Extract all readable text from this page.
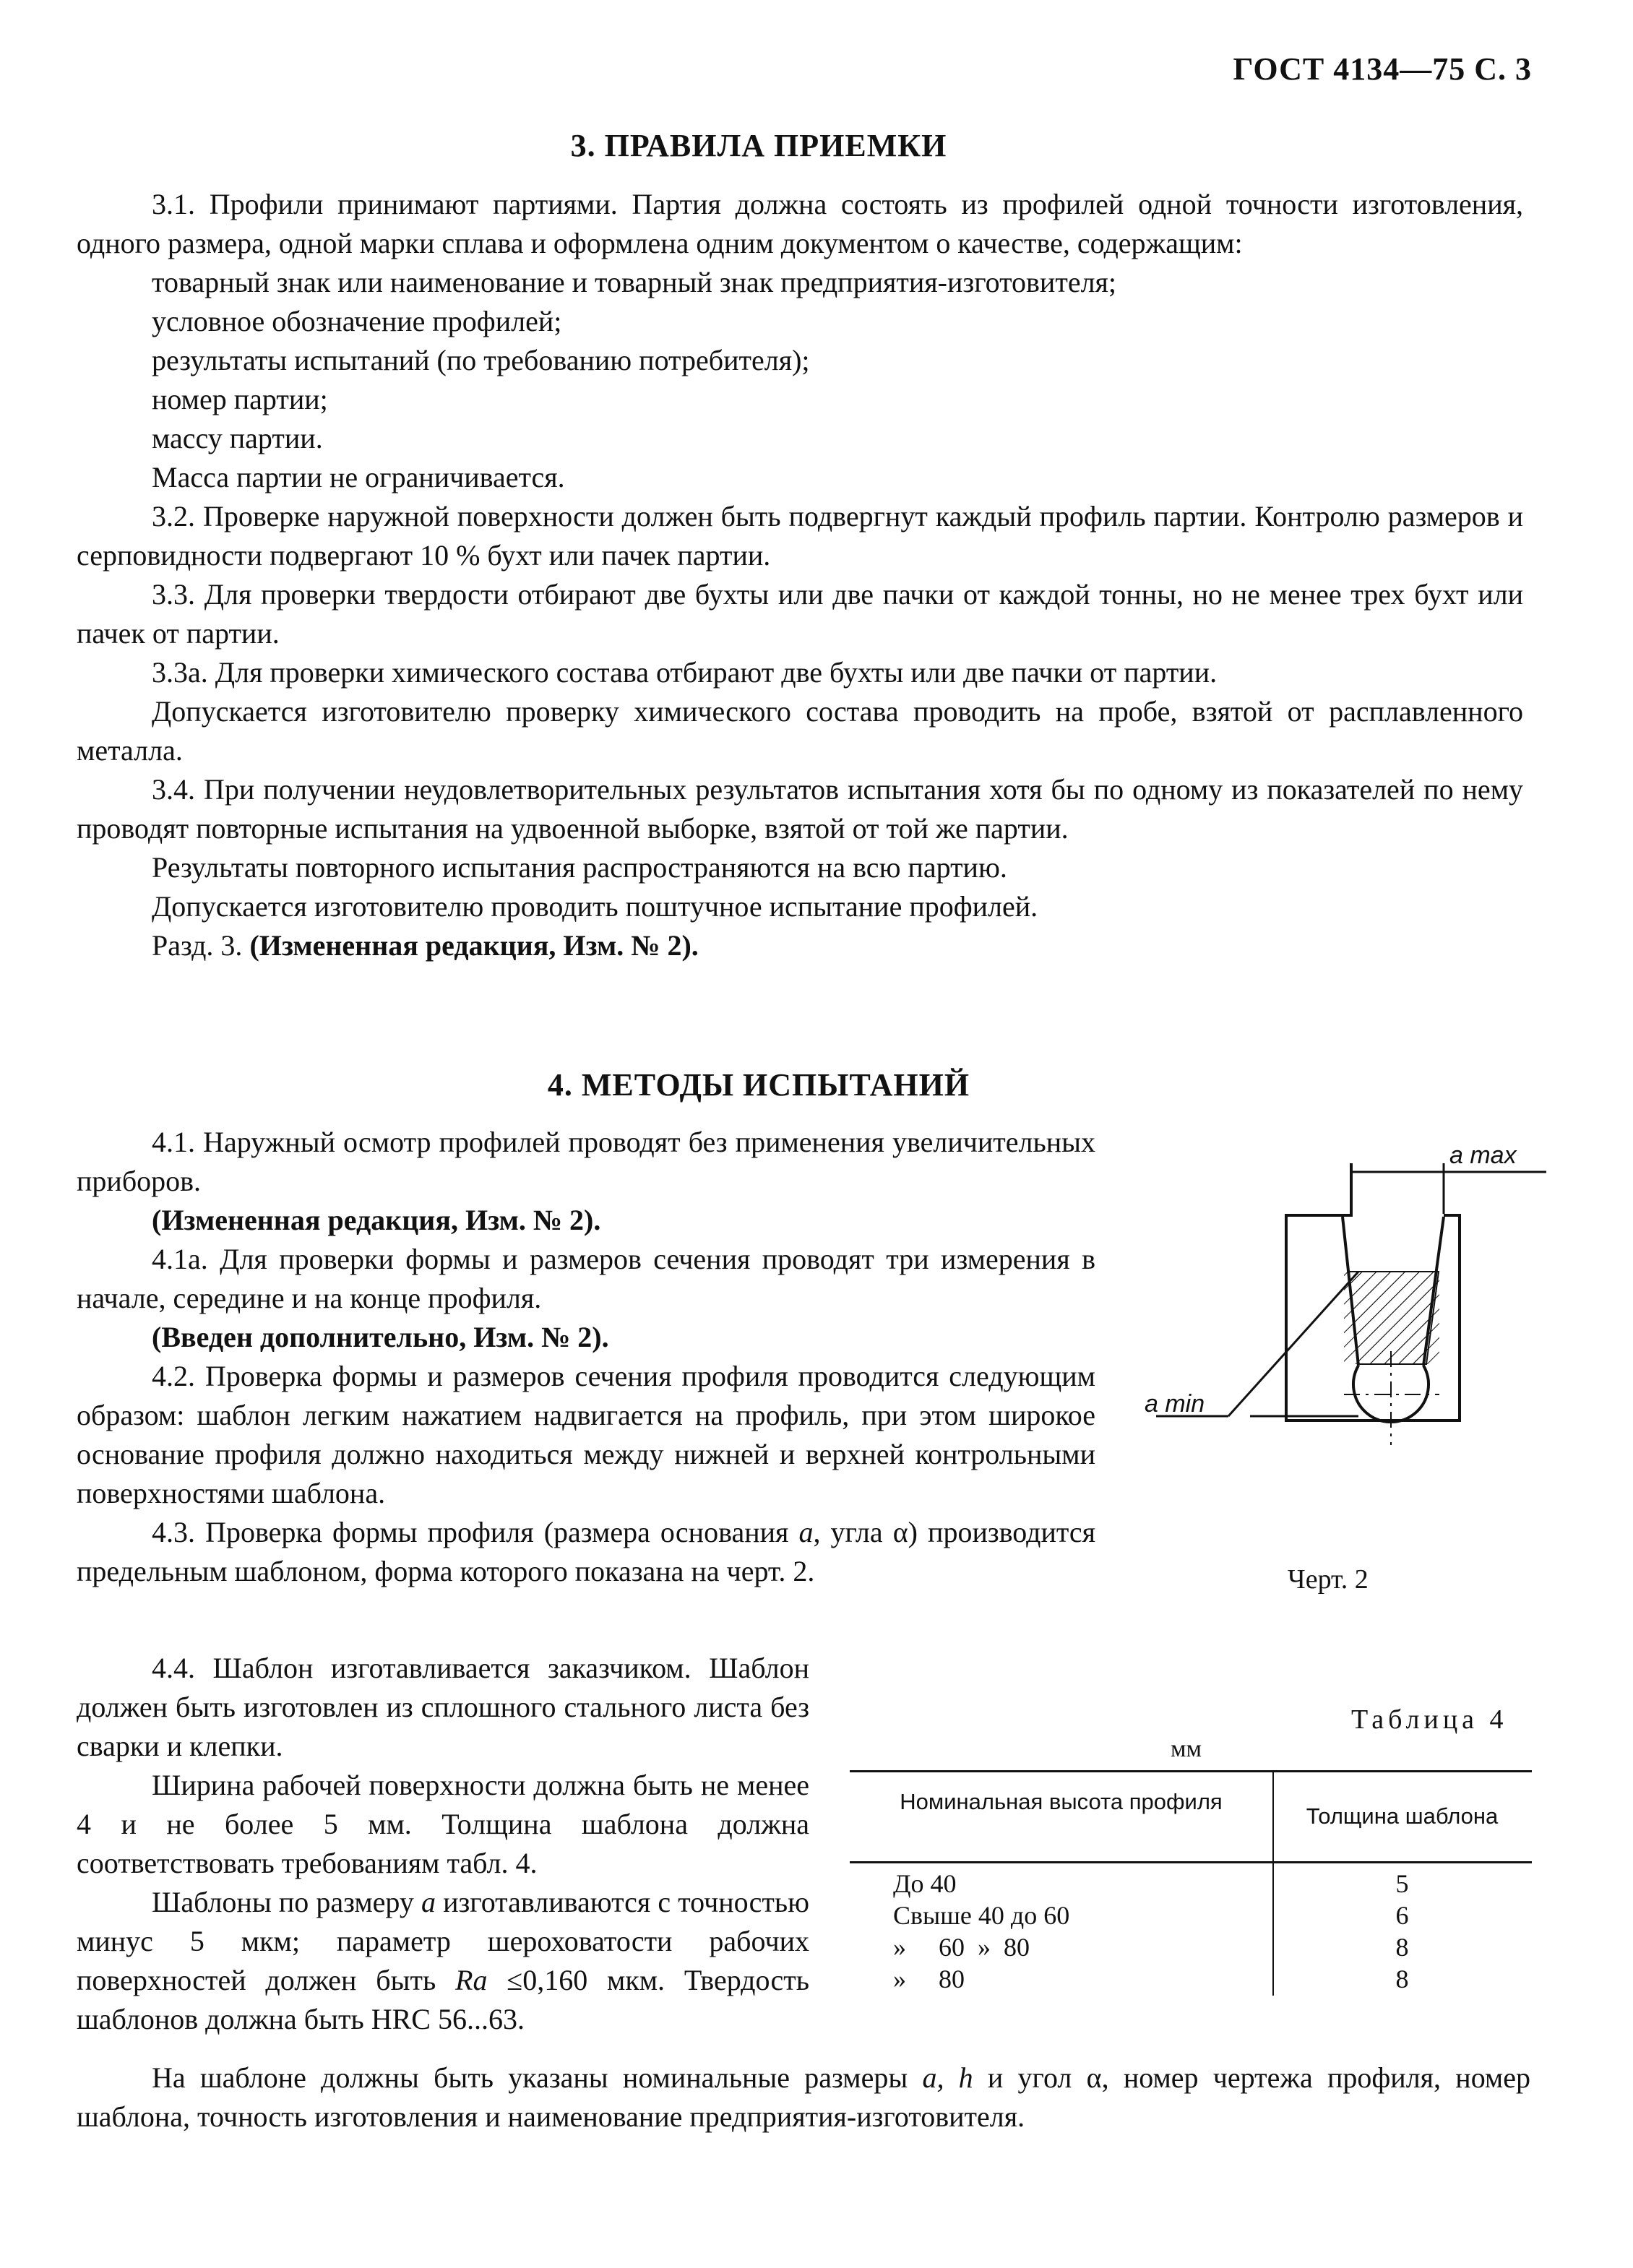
ГОСТ 4134—75 С. 3
3. ПРАВИЛА ПРИЕМКИ

3.1. Профили принимают партиями. Партия должна состоять из профилей одной точности изготовления, одного размера, одной марки сплава и оформлена одним документом о качестве, содержащим:

товарный знак или наименование и товарный знак предприятия-изготовителя;

условное обозначение профилей;

результаты испытаний (по требованию потребителя);

номер партии;

массу партии.

Масса партии не ограничивается.

3.2. Проверке наружной поверхности должен быть подвергнут каждый профиль партии. Контролю размеров и серповидности подвергают 10 % бухт или пачек партии.

3.3. Для проверки твердости отбирают две бухты или две пачки от каждой тонны, но не менее трех бухт или пачек от партии.

3.3а. Для проверки химического состава отбирают две бухты или две пачки от партии.

Допускается изготовителю проверку химического состава проводить на пробе, взятой от расплавленного металла.

3.4. При получении неудовлетворительных результатов испытания хотя бы по одному из показателей по нему проводят повторные испытания на удвоенной выборке, взятой от той же партии.

Результаты повторного испытания распространяются на всю партию.

Допускается изготовителю проводить поштучное испытание профилей.

Разд. 3. (Измененная редакция, Изм. № 2).

4. МЕТОДЫ ИСПЫТАНИЙ

4.1. Наружный осмотр профилей проводят без применения увеличительных приборов.

(Измененная редакция, Изм. № 2).

4.1а. Для проверки формы и размеров сечения проводят три измерения в начале, середине и на конце профиля.

(Введен дополнительно, Изм. № 2).

4.2. Проверка формы и размеров сечения профиля проводится следующим образом: шаблон легким нажатием надвигается на профиль, при этом широкое основание профиля должно находиться между нижней и верхней контрольными поверхностями шаблона.

4.3. Проверка формы профиля (размера основания a, угла α) производится предельным шаблоном, форма которого показана на черт. 2.

4.4. Шаблон изготавливается заказчиком. Шаблон должен быть изготовлен из сплошного стального листа без сварки и клепки.

Ширина рабочей поверхности должна быть не менее 4 и не более 5 мм. Толщина шаблона должна соответствовать требованиям табл. 4.

Шаблоны по размеру a изготавливаются с точностью минус 5 мкм; параметр шероховатости рабочих поверхностей должен быть Ra ≤0,160 мкм. Твердость шаблонов должна быть HRC 56...63.

На шаблоне должны быть указаны номинальные размеры a, h и угол α, номер чертежа профиля, номер шаблона, точность изготовления и наименование предприятия-изготовителя.

a max
a min
Черт. 2
Таблица 4
мм
Номинальная высота профиля
Толщина шаблона
До 40	5
Свыше 40 до 60	6
»     60  »  80	8
»     80	8
